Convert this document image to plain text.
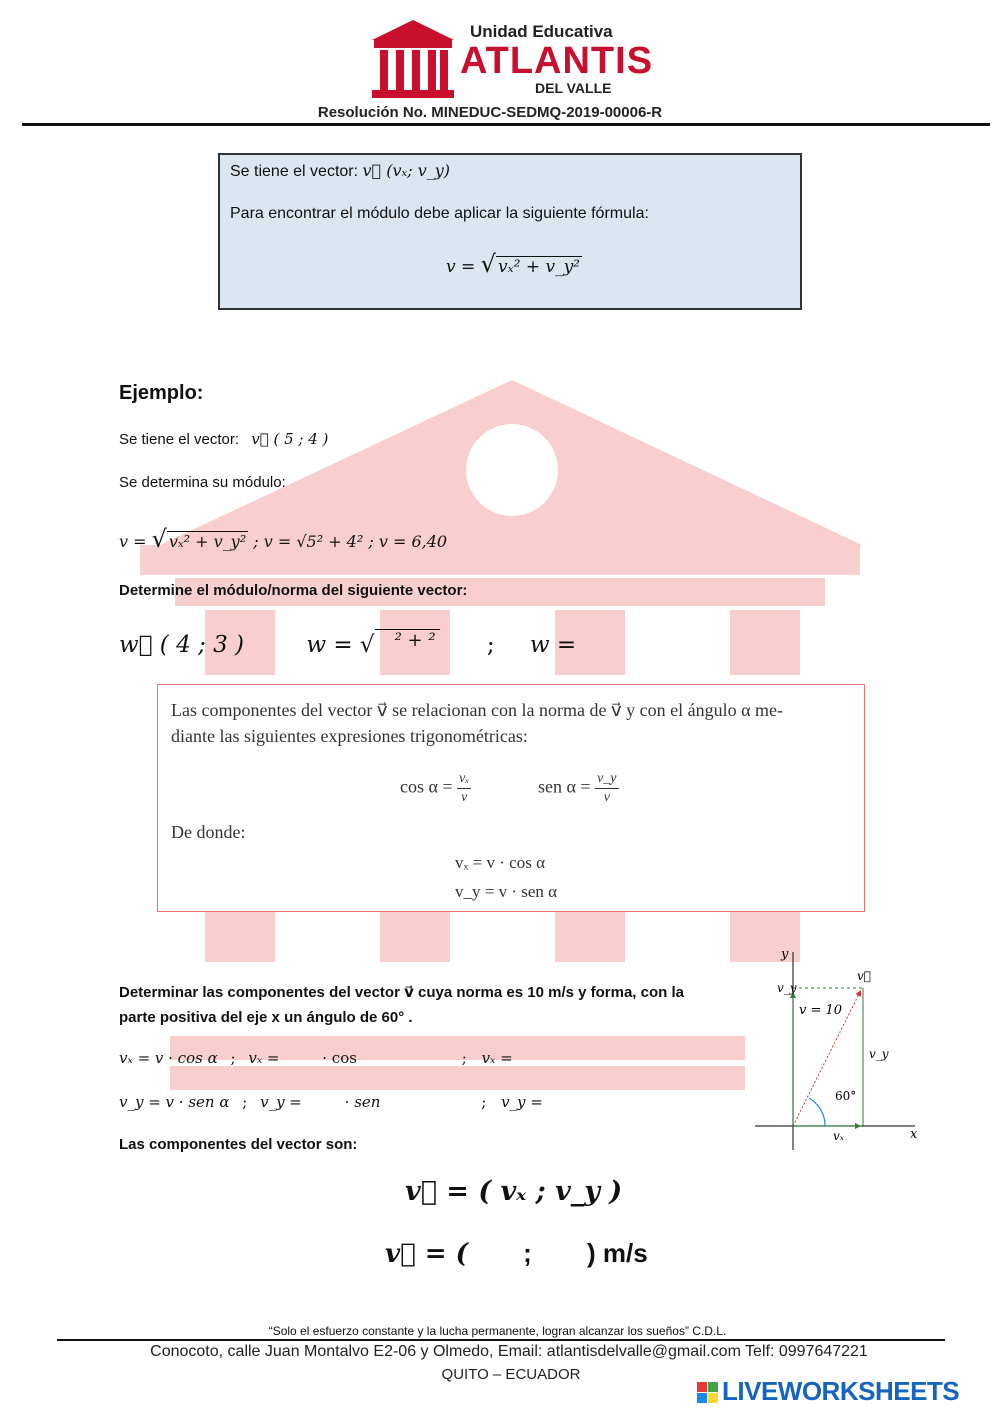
Unidad Educativa
ATLANTIS
DEL VALLE
Resolución No. MINEDUC-SEDMQ-2019-00006-R
Se tiene el vector: v⃗ (vₓ; v_y)
Para encontrar el módulo debe aplicar la siguiente fórmula:
v = √ vₓ² + v_y²
Ejemplo:
Se tiene el vector: v⃗ ( 5 ; 4 )
Se determina su módulo:
v = √ vₓ² + v_y² ; v = √5² + 4² ; v = 6,40
Determine el módulo/norma del siguiente vector:
w⃗ ( 4 ; 3 )	w = √ $^{^2 + ^2}$ ; w =
Las componentes del vector v⃗ se relacionan con la norma de v⃗ y con el ángulo α me-
diante las siguientes expresiones trigonométricas:
$\cos \alpha = \frac{\text{vₓ}}{v}$	sen $\alpha = \frac{v\_y}{v}$
De donde:
vₓ = v · cos α
v_y = v · sen α
Determinar las componentes del vector v⃗ cuya norma es 10 m/s y forma, con la
parte positiva del eje x un ángulo de 60° .
vₓ = v · cos α ; vₓ =	· cos	; vₓ =
v_y = v · sen α ; v_y =	· sen	; v_y =
Las componentes del vector son:
v⃗ = ( vₓ ; v_y )
v⃗ = ( ; ) m/s
y
x
v⃗
v_y
vₓ
v = 10
60°
v_y
“Solo el esfuerzo constante y la lucha permanente, logran alcanzar los sueños” C.D.L.
Conocoto, calle Juan Montalvo E2-06 y Olmedo, Email: atlantisdelvalle@gmail.com Telf: 0997647221
QUITO – ECUADOR
LIVEWORKSHEETS
